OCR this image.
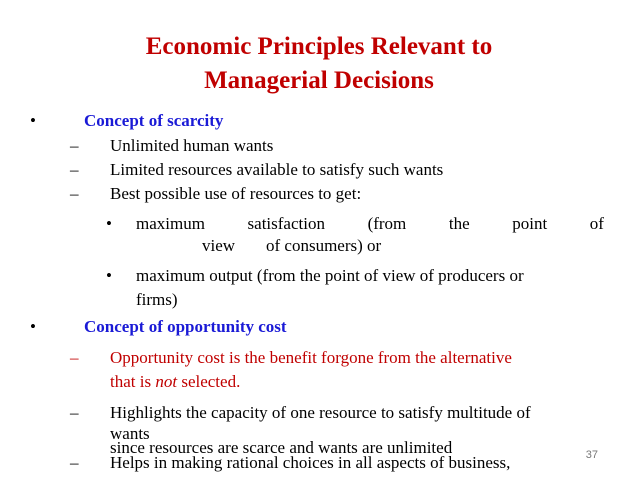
Economic Principles Relevant to
Managerial Decisions
•	Concept of scarcity
– Unlimited human wants
– Limited resources available to satisfy such wants
– Best possible use of resources to get:
• maximum	satisfaction	(from	the	point	of
view of consumers) or
• maximum output (from the point of view of producers or
firms)
•	Concept of opportunity cost
– Opportunity cost is the benefit forgone from the alternative
that is not selected.
– Highlights the capacity of one resource to satisfy multitude of
wants
since resources are scarce and wants are unlimited
– Helps in making rational choices in all aspects of business,	37
